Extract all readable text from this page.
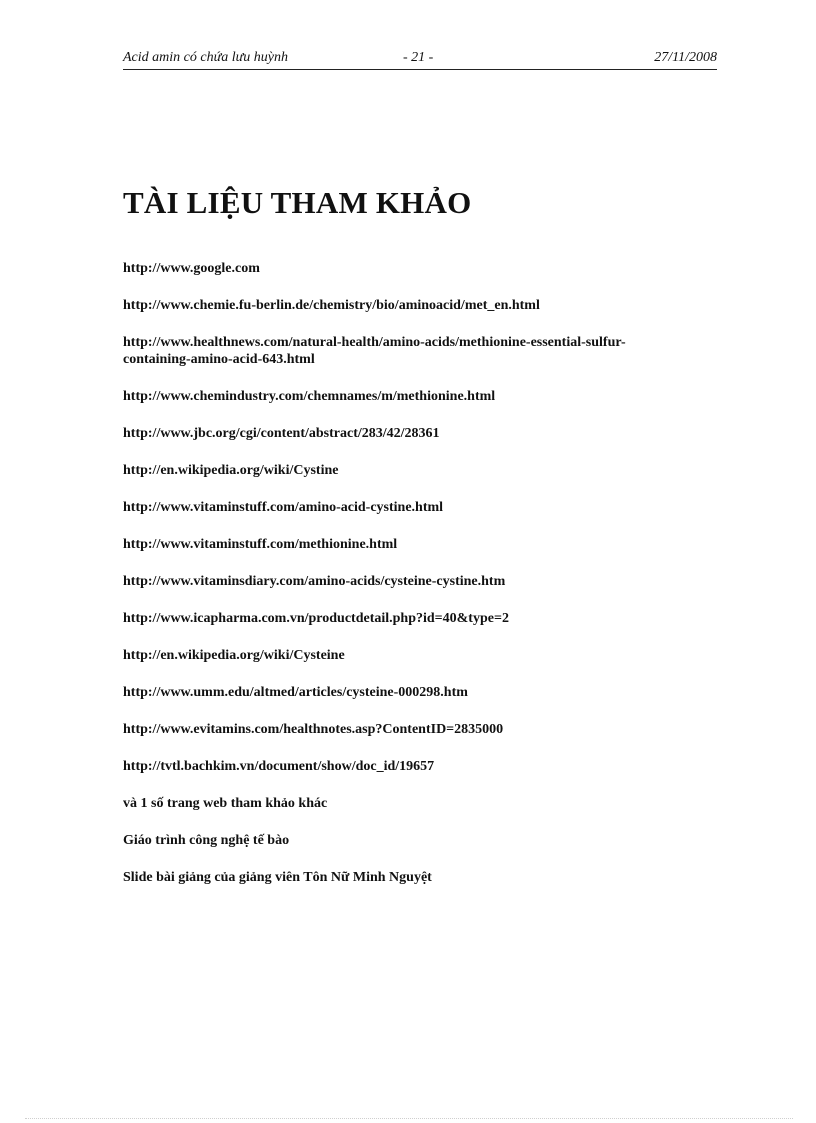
Acid amin có chứa lưu huỳnh	- 21 -	27/11/2008
TÀI LIỆU THAM KHẢO
http://www.google.com
http://www.chemie.fu-berlin.de/chemistry/bio/aminoacid/met_en.html
http://www.healthnews.com/natural-health/amino-acids/methionine-essential-sulfur-containing-amino-acid-643.html
http://www.chemindustry.com/chemnames/m/methionine.html
http://www.jbc.org/cgi/content/abstract/283/42/28361
http://en.wikipedia.org/wiki/Cystine
http://www.vitaminstuff.com/amino-acid-cystine.html
http://www.vitaminstuff.com/methionine.html
http://www.vitaminsdiary.com/amino-acids/cysteine-cystine.htm
http://www.icapharma.com.vn/productdetail.php?id=40&type=2
http://en.wikipedia.org/wiki/Cysteine
http://www.umm.edu/altmed/articles/cysteine-000298.htm
http://www.evitamins.com/healthnotes.asp?ContentID=2835000
http://tvtl.bachkim.vn/document/show/doc_id/19657
và 1 số trang web tham khảo khác
Giáo trình công nghệ tế bào
Slide bài giảng của giảng viên Tôn Nữ Minh Nguyệt
